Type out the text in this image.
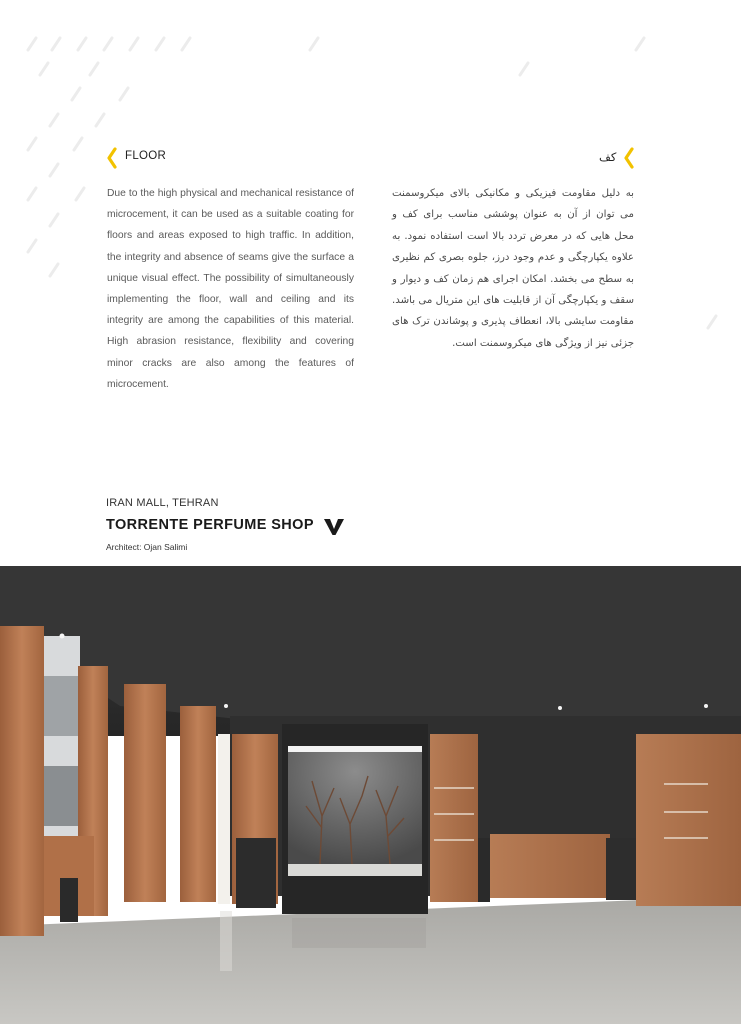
FLOOR
Due to the high physical and mechanical resistance of microcement, it can be used as a suitable coating for floors and areas exposed to high traffic. In addition, the integrity and absence of seams give the surface a unique visual effect. The possibility of simultaneously implementing the floor, wall and ceiling and its integrity are among the capabilities of this material. High abrasion resistance, flexibility and covering minor cracks are also among the features of microcement.
کف
به دلیل مقاومت فیزیکی و مکانیکی بالای میکروسمنت می توان از آن به عنوان پوششی مناسب برای کف و محل هایی که در معرض تردد بالا است استفاده نمود. به علاوه یکپارچگی و عدم وجود درز، جلوه بصری کم نظیری به سطح می بخشد. امکان اجرای هم زمان کف و دیوار و سقف و یکپارچگی آن از قابلیت های این متریال می باشد. مقاومت سایشی بالا، انعطاف پذیری و پوشاندن ترک های جزئی نیز از ویژگی های میکروسمنت است.
IRAN MALL, TEHRAN
TORRENTE PERFUME SHOP
Architect: Ojan Salimi
